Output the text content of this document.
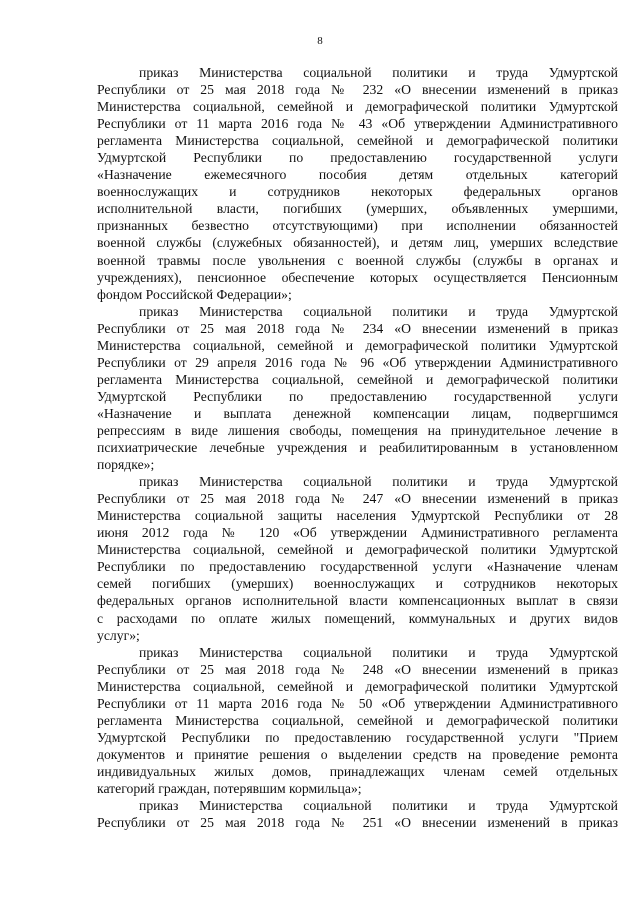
8
приказ Министерства социальной политики и труда Удмуртской
Республики от 25 мая 2018 года № 232 «О внесении изменений в приказ
Министерства социальной, семейной и демографической политики Удмуртской
Республики от 11 марта 2016 года № 43 «Об утверждении Административного
регламента Министерства социальной, семейной и демографической политики
Удмуртской Республики по предоставлению государственной услуги
«Назначение ежемесячного пособия детям отдельных категорий
военнослужащих и сотрудников некоторых федеральных органов
исполнительной власти, погибших (умерших, объявленных умершими,
признанных безвестно отсутствующими) при исполнении обязанностей
военной службы (служебных обязанностей), и детям лиц, умерших вследствие
военной травмы после увольнения с военной службы (службы в органах и
учреждениях), пенсионное обеспечение которых осуществляется Пенсионным
фондом Российской Федерации»;
приказ Министерства социальной политики и труда Удмуртской
Республики от 25 мая 2018 года № 234 «О внесении изменений в приказ
Министерства социальной, семейной и демографической политики Удмуртской
Республики от 29 апреля 2016 года № 96 «Об утверждении Административного
регламента Министерства социальной, семейной и демографической политики
Удмуртской Республики по предоставлению государственной услуги
«Назначение и выплата денежной компенсации лицам, подвергшимся
репрессиям в виде лишения свободы, помещения на принудительное лечение в
психиатрические лечебные учреждения и реабилитированным в установленном
порядке»;
приказ Министерства социальной политики и труда Удмуртской
Республики от 25 мая 2018 года № 247 «О внесении изменений в приказ
Министерства социальной защиты населения Удмуртской Республики от 28
июня 2012 года № 120 «Об утверждении Административного регламента
Министерства социальной, семейной и демографической политики Удмуртской
Республики по предоставлению государственной услуги «Назначение членам
семей погибших (умерших) военнослужащих и сотрудников некоторых
федеральных органов исполнительной власти компенсационных выплат в связи
с расходами по оплате жилых помещений, коммунальных и других видов
услуг»;
приказ Министерства социальной политики и труда Удмуртской
Республики от 25 мая 2018 года № 248 «О внесении изменений в приказ
Министерства социальной, семейной и демографической политики Удмуртской
Республики от 11 марта 2016 года № 50 «Об утверждении Административного
регламента Министерства социальной, семейной и демографической политики
Удмуртской Республики по предоставлению государственной услуги "Прием
документов и принятие решения о выделении средств на проведение ремонта
индивидуальных жилых домов, принадлежащих членам семей отдельных
категорий граждан, потерявшим кормильца»;
приказ Министерства социальной политики и труда Удмуртской
Республики от 25 мая 2018 года № 251 «О внесении изменений в приказ
